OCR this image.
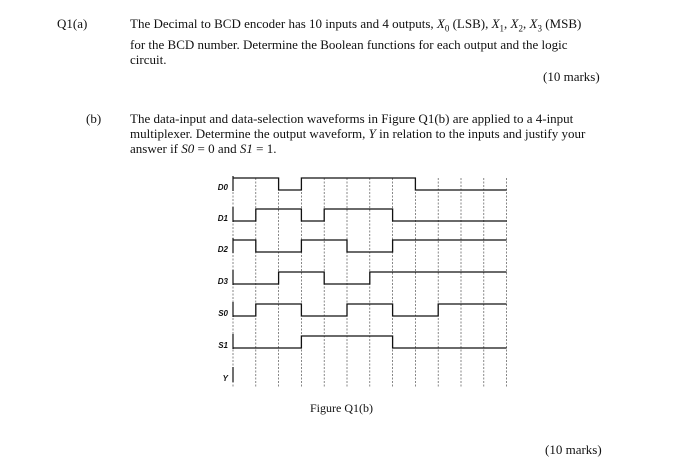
Q1(a)	The Decimal to BCD encoder has 10 inputs and 4 outputs, $X_0$ (LSB), $X_1$, $X_2$, $X_3$ (MSB)
for the BCD number. Determine the Boolean functions for each output and the logic
circuit.
(10 marks)
(b) The data-input and data-selection waveforms in Figure Q1(b) are applied to a 4-input
multiplexer. Determine the output waveform, Y in relation to the inputs and justify your
answer if S0 = 0 and S1 = 1.
D0
D1
D2
D3
S0
S1
Y
Figure Q1(b)
(10 marks)
